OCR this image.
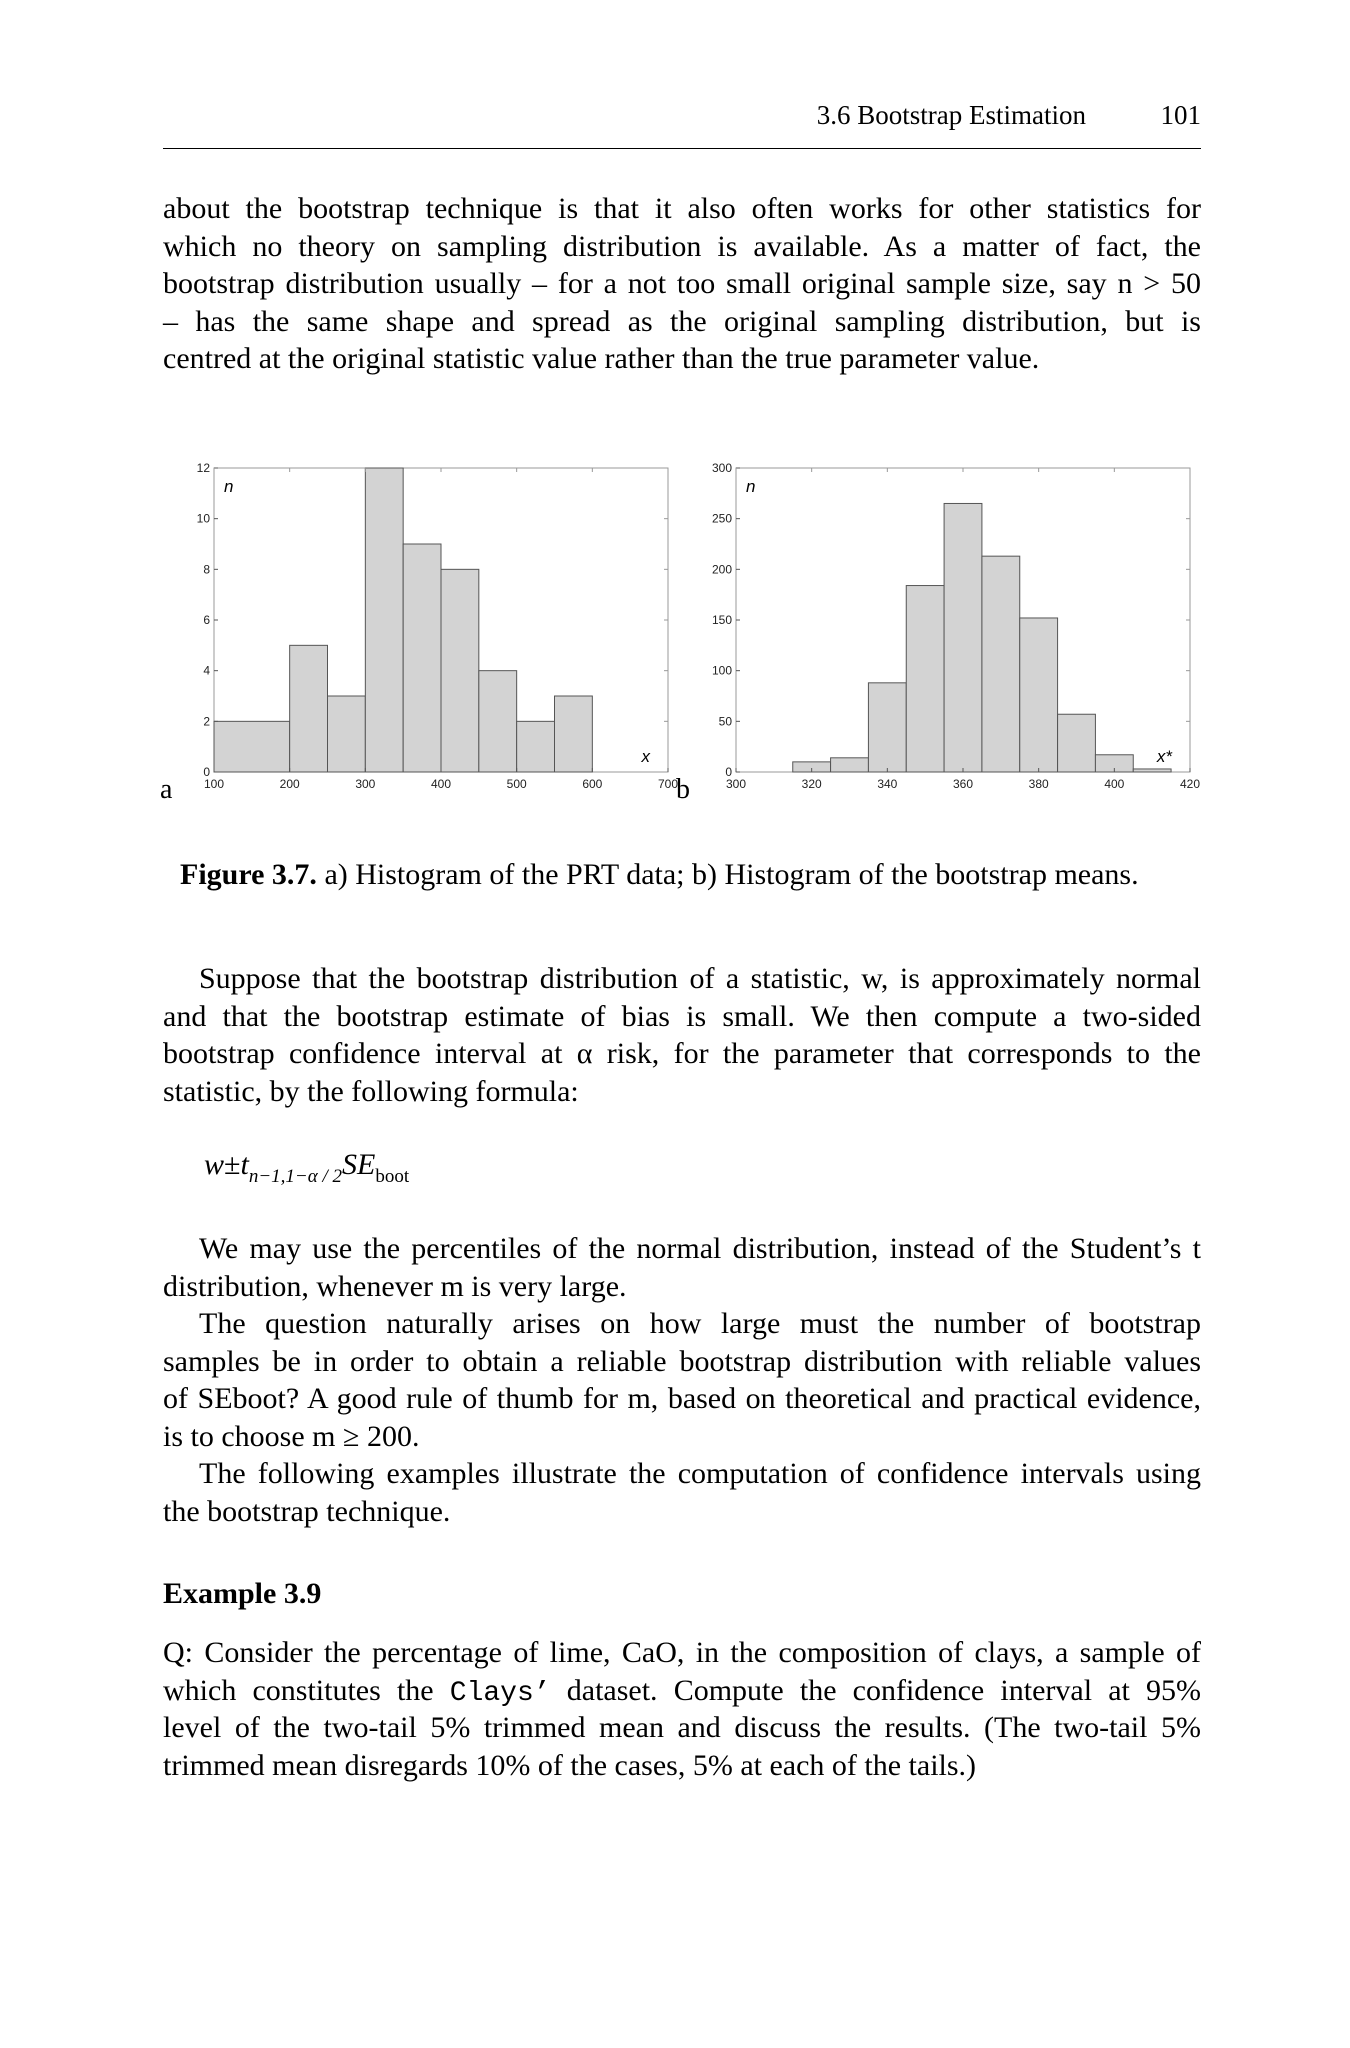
3.6 Bootstrap Estimation	101
about the bootstrap technique is that it also often works for other statistics for
which no theory on sampling distribution is available. As a matter of fact, the
bootstrap distribution usually – for a not too small original sample size, say n > 50
– has the same shape and spread as the original sampling distribution, but is
centred at the original statistic value rather than the true parameter value.
0
2
4
6
8
10
12
100	200	300	400	500	600	700
n
x
a
0
50
100
150
200
250
300
300	320	340	360	380	400	420
n
x*
b
Figure 3.7. a) Histogram of the PRT data; b) Histogram of the bootstrap means.
Suppose that the bootstrap distribution of a statistic, w, is approximately normal
and that the bootstrap estimate of bias is small. We then compute a two-sided
bootstrap confidence interval at α risk, for the parameter that corresponds to the
statistic, by the following formula:
$w\pm t_{n-1,1-\alpha / 2}SE_{boot}$
We may use the percentiles of the normal distribution, instead of the Student’s t
distribution, whenever m is very large.
The question naturally arises on how large must the number of bootstrap
samples be in order to obtain a reliable bootstrap distribution with reliable values
of SEboot? A good rule of thumb for m, based on theoretical and practical evidence,
is to choose m ≥ 200.
The following examples illustrate the computation of confidence intervals using
the bootstrap technique.
Example 3.9
Q: Consider the percentage of lime, CaO, in the composition of clays, a sample of
which constitutes the Clays’ dataset. Compute the confidence interval at 95%
level of the two-tail 5% trimmed mean and discuss the results. (The two-tail 5%
trimmed mean disregards 10% of the cases, 5% at each of the tails.)
